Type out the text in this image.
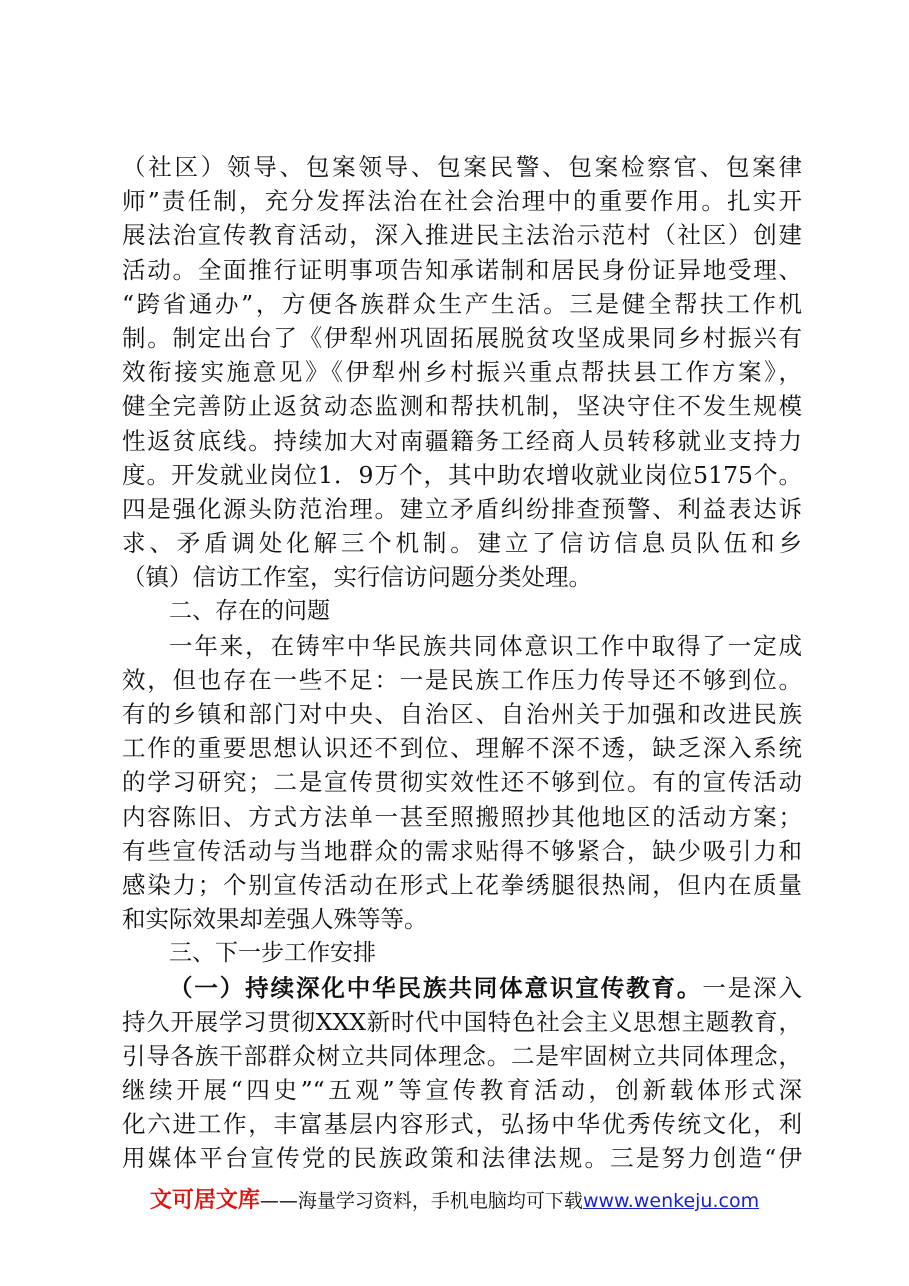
（社区）领导、包案领导、包案民警、包案检察官、包案律
师”责任制，充分发挥法治在社会治理中的重要作用。扎实开
展法治宣传教育活动，深入推进民主法治示范村（社区）创建
活动。全面推行证明事项告知承诺制和居民身份证异地受理、
“跨省通办”，方便各族群众生产生活。三是健全帮扶工作机
制。制定出台了《伊犁州巩固拓展脱贫攻坚成果同乡村振兴有
效衔接实施意见》《伊犁州乡村振兴重点帮扶县工作方案》，
健全完善防止返贫动态监测和帮扶机制，坚决守住不发生规模
性返贫底线。持续加大对南疆籍务工经商人员转移就业支持力
度。开发就业岗位1．9万个，其中助农增收就业岗位5175个。
四是强化源头防范治理。建立矛盾纠纷排查预警、利益表达诉
求、矛盾调处化解三个机制。建立了信访信息员队伍和乡
（镇）信访工作室，实行信访问题分类处理。
二、存在的问题
一年来，在铸牢中华民族共同体意识工作中取得了一定成
效，但也存在一些不足：一是民族工作压力传导还不够到位。
有的乡镇和部门对中央、自治区、自治州关于加强和改进民族
工作的重要思想认识还不到位、理解不深不透，缺乏深入系统
的学习研究；二是宣传贯彻实效性还不够到位。有的宣传活动
内容陈旧、方式方法单一甚至照搬照抄其他地区的活动方案；
有些宣传活动与当地群众的需求贴得不够紧合，缺少吸引力和
感染力；个别宣传活动在形式上花拳绣腿很热闹，但内在质量
和实际效果却差强人殊等等。
三、下一步工作安排
（一）持续深化中华民族共同体意识宣传教育。一是深入
持久开展学习贯彻XXX新时代中国特色社会主义思想主题教育，
引导各族干部群众树立共同体理念。二是牢固树立共同体理念，
继续开展“四史”“五观”等宣传教育活动，创新载体形式深
化六进工作，丰富基层内容形式，弘扬中华优秀传统文化，利
用媒体平台宣传党的民族政策和法律法规。三是努力创造“伊
文可居文库——海量学习资料，手机电脑均可下载www.wenkeju.com
